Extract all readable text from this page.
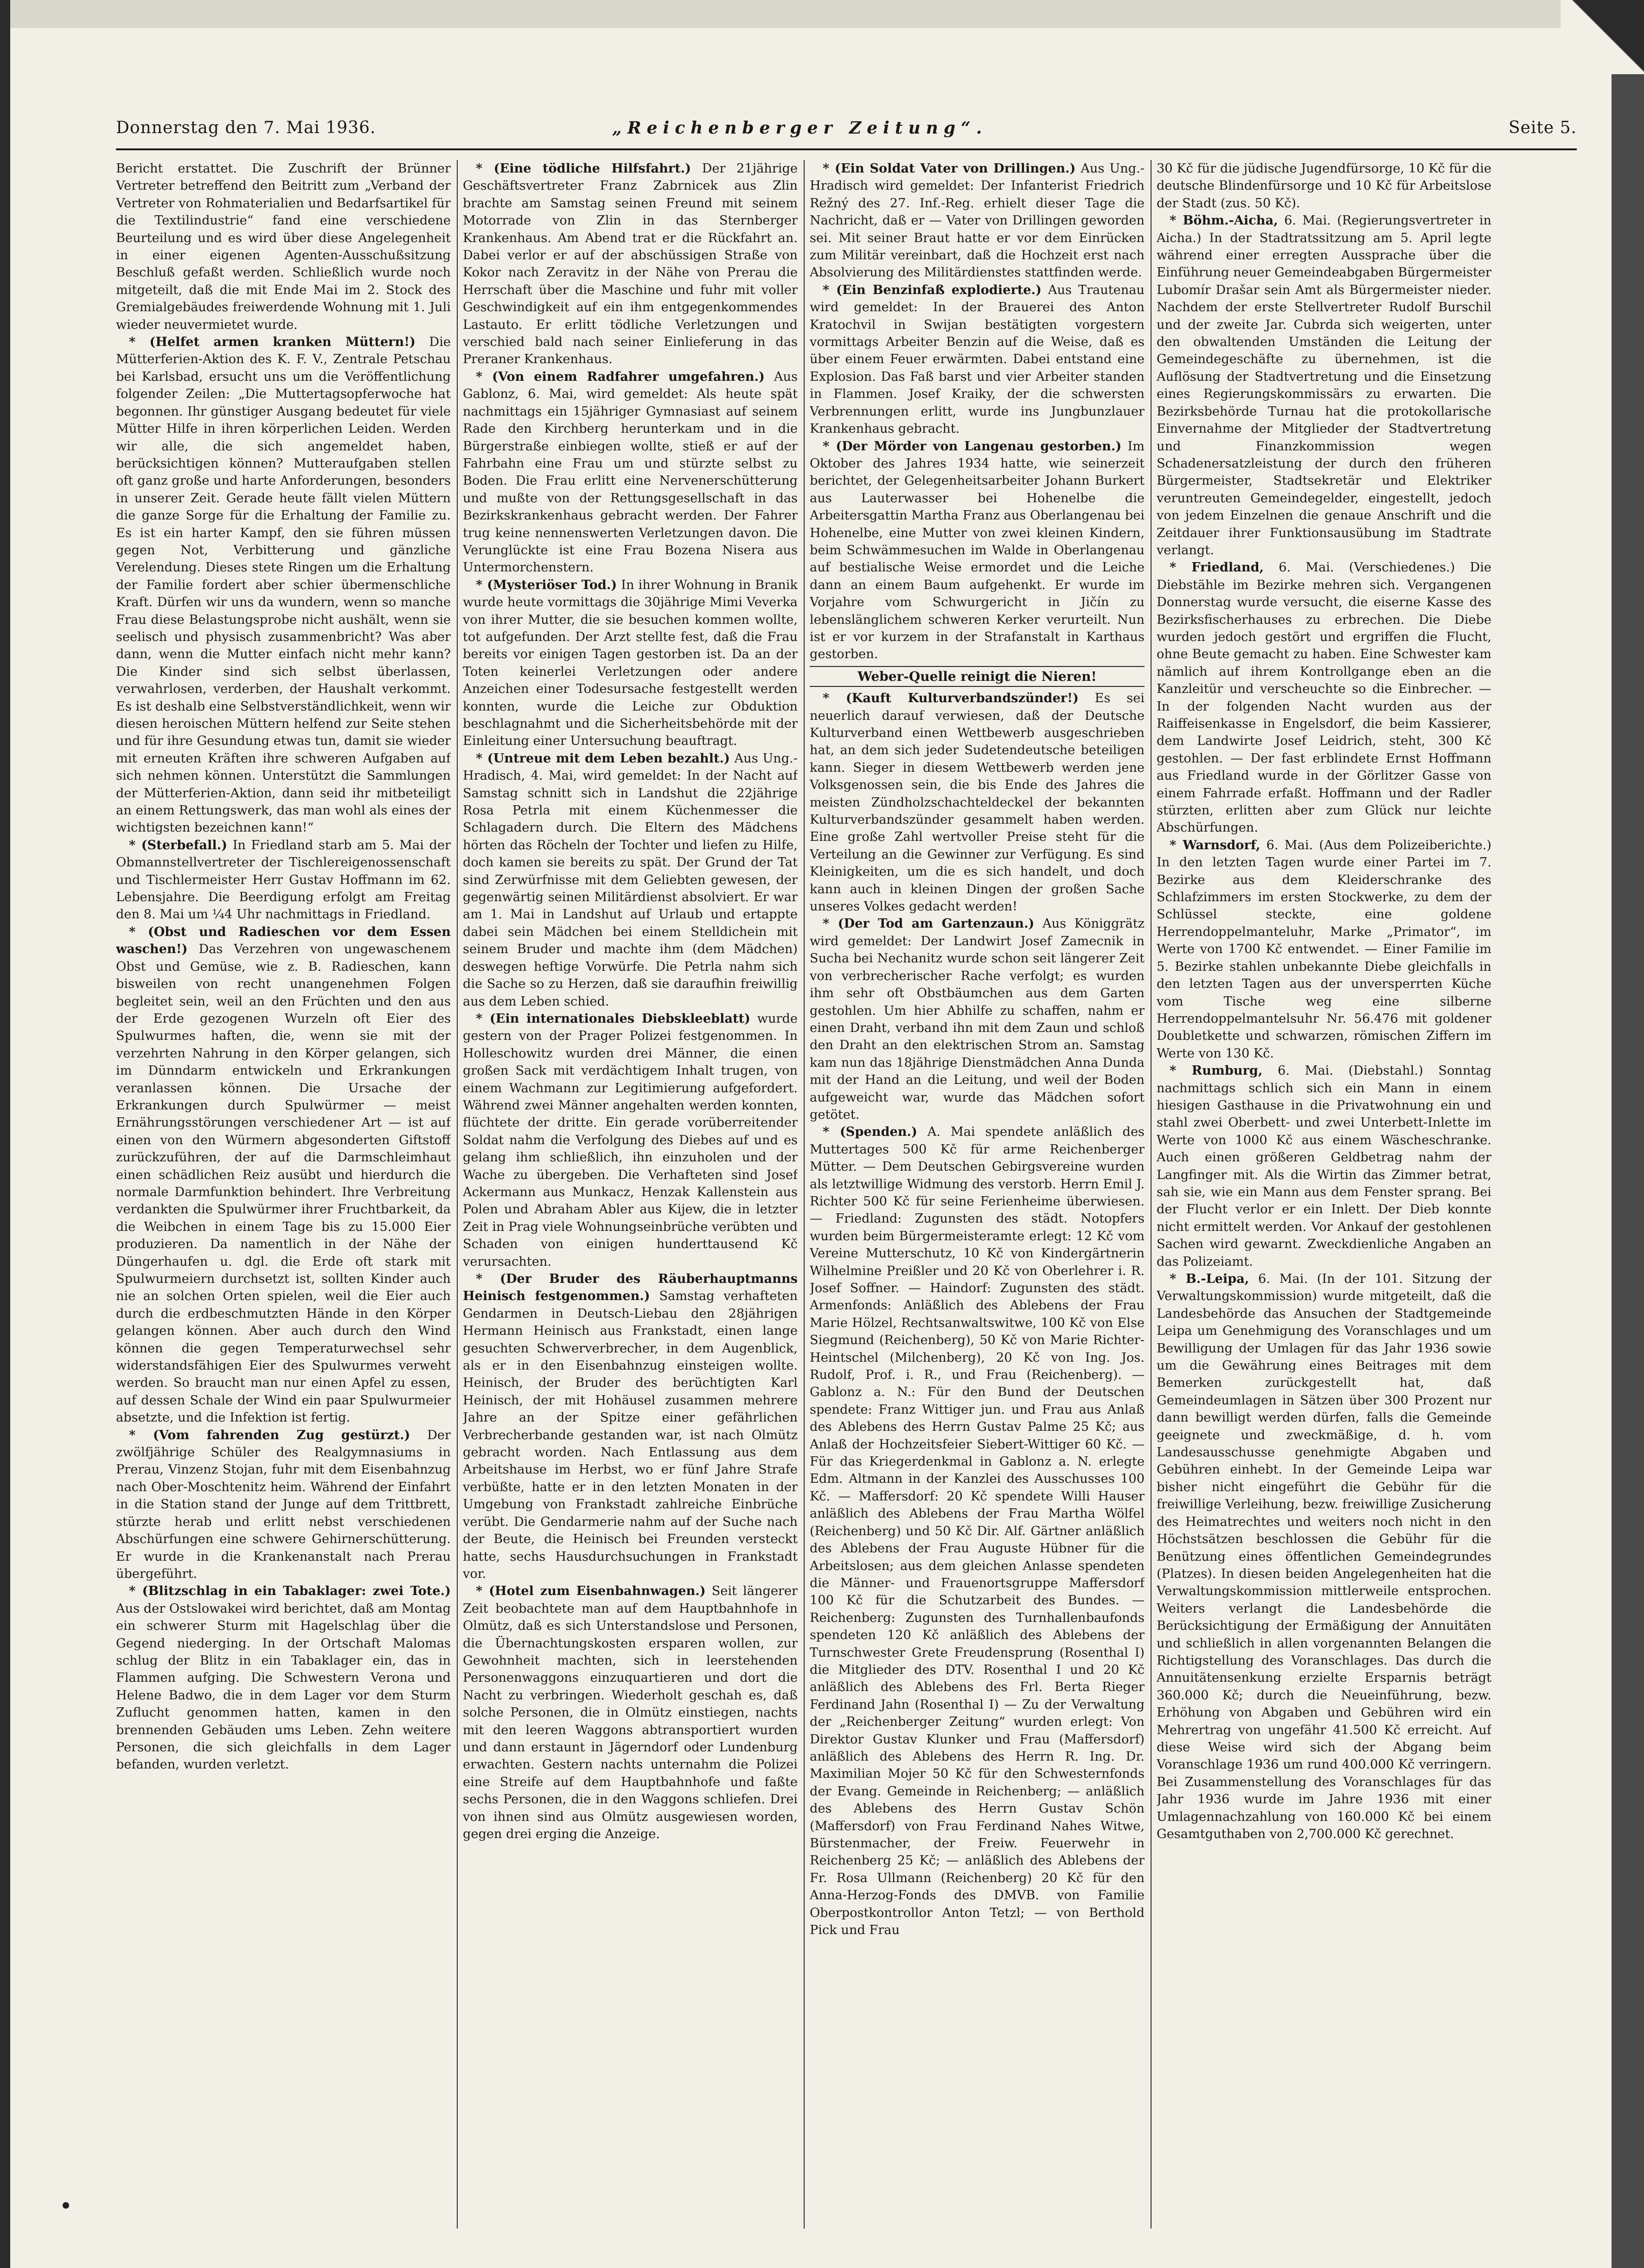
Donnerstag den 7. Mai 1936.	„Reichenberger Zeitung“.	Seite 5.

Bericht erstattet. Die Zuschrift der Brünner Vertreter betreffend den Beitritt zum „Verband der Vertreter von Rohmaterialien und Bedarfsartikel für die Textilindustrie“ fand eine verschiedene Beurteilung und es wird über diese Angelegenheit in einer eigenen Agenten-Ausschußsitzung Beschluß gefaßt werden. Schließlich wurde noch mitgeteilt, daß die mit Ende Mai im 2. Stock des Gremialgebäudes freiwerdende Wohnung mit 1. Juli wieder neuvermietet wurde.

* (Helfet armen kranken Müttern!) Die Mütterferien-Aktion des K. F. V., Zentrale Petschau bei Karlsbad, ersucht uns um die Veröffentlichung folgender Zeilen: „Die Muttertagsopferwoche hat begonnen. Ihr günstiger Ausgang bedeutet für viele Mütter Hilfe in ihren körperlichen Leiden. Werden wir alle, die sich angemeldet haben, berücksichtigen können? Mutteraufgaben stellen oft ganz große und harte Anforderungen, besonders in unserer Zeit. Gerade heute fällt vielen Müttern die ganze Sorge für die Erhaltung der Familie zu. Es ist ein harter Kampf, den sie führen müssen gegen Not, Verbitterung und gänzliche Verelendung. Dieses stete Ringen um die Erhaltung der Familie fordert aber schier übermenschliche Kraft. Dürfen wir uns da wundern, wenn so manche Frau diese Belastungsprobe nicht aushält, wenn sie seelisch und physisch zusammenbricht? Was aber dann, wenn die Mutter einfach nicht mehr kann? Die Kinder sind sich selbst überlassen, verwahrlosen, verderben, der Haushalt verkommt. Es ist deshalb eine Selbstverständlichkeit, wenn wir diesen heroischen Müttern helfend zur Seite stehen und für ihre Gesundung etwas tun, damit sie wieder mit erneuten Kräften ihre schweren Aufgaben auf sich nehmen können. Unterstützt die Sammlungen der Mütterferien-Aktion, dann seid ihr mitbeteiligt an einem Rettungswerk, das man wohl als eines der wichtigsten bezeichnen kann!“

* (Sterbefall.) In Friedland starb am 5. Mai der Obmannstellvertreter der Tischlereigenossenschaft und Tischlermeister Herr Gustav Hoffmann im 62. Lebensjahre. Die Beerdigung erfolgt am Freitag den 8. Mai um ¼4 Uhr nachmittags in Friedland.

* (Obst und Radieschen vor dem Essen waschen!) Das Verzehren von ungewaschenem Obst und Gemüse, wie z. B. Radieschen, kann bisweilen von recht unangenehmen Folgen begleitet sein, weil an den Früchten und den aus der Erde gezogenen Wurzeln oft Eier des Spulwurmes haften, die, wenn sie mit der verzehrten Nahrung in den Körper gelangen, sich im Dünndarm entwickeln und Erkrankungen veranlassen können. Die Ursache der Erkrankungen durch Spulwürmer — meist Ernährungsstörungen verschiedener Art — ist auf einen von den Würmern abgesonderten Giftstoff zurückzuführen, der auf die Darmschleimhaut einen schädlichen Reiz ausübt und hierdurch die normale Darmfunktion behindert. Ihre Verbreitung verdankten die Spulwürmer ihrer Fruchtbarkeit, da die Weibchen in einem Tage bis zu 15.000 Eier produzieren. Da namentlich in der Nähe der Düngerhaufen u. dgl. die Erde oft stark mit Spulwurmeiern durchsetzt ist, sollten Kinder auch nie an solchen Orten spielen, weil die Eier auch durch die erdbeschmutzten Hände in den Körper gelangen können. Aber auch durch den Wind können die gegen Temperaturwechsel sehr widerstandsfähigen Eier des Spulwurmes verweht werden. So braucht man nur einen Apfel zu essen, auf dessen Schale der Wind ein paar Spulwurmeier absetzte, und die Infektion ist fertig.

* (Vom fahrenden Zug gestürzt.) Der zwölfjährige Schüler des Realgymnasiums in Prerau, Vinzenz Stojan, fuhr mit dem Eisenbahnzug nach Ober-Moschtenitz heim. Während der Einfahrt in die Station stand der Junge auf dem Trittbrett, stürzte herab und erlitt nebst verschiedenen Abschürfungen eine schwere Gehirnerschütterung. Er wurde in die Krankenanstalt nach Prerau übergeführt.

* (Blitzschlag in ein Tabaklager: zwei Tote.) Aus der Ostslowakei wird berichtet, daß am Montag ein schwerer Sturm mit Hagelschlag über die Gegend niederging. In der Ortschaft Malomas schlug der Blitz in ein Tabaklager ein, das in Flammen aufging. Die Schwestern Verona und Helene Badwo, die in dem Lager vor dem Sturm Zuflucht genommen hatten, kamen in den brennenden Gebäuden ums Leben. Zehn weitere Personen, die sich gleichfalls in dem Lager befanden, wurden verletzt.

* (Eine tödliche Hilfsfahrt.) Der 21jährige Geschäftsvertreter Franz Zabrnicek aus Zlin brachte am Samstag seinen Freund mit seinem Motorrade von Zlin in das Sternberger Krankenhaus. Am Abend trat er die Rückfahrt an. Dabei verlor er auf der abschüssigen Straße von Kokor nach Zeravitz in der Nähe von Prerau die Herrschaft über die Maschine und fuhr mit voller Geschwindigkeit auf ein ihm entgegenkommendes Lastauto. Er erlitt tödliche Verletzungen und verschied bald nach seiner Einlieferung in das Preraner Krankenhaus.

* (Von einem Radfahrer umgefahren.) Aus Gablonz, 6. Mai, wird gemeldet: Als heute spät nachmittags ein 15jähriger Gymnasiast auf seinem Rade den Kirchberg herunterkam und in die Bürgerstraße einbiegen wollte, stieß er auf der Fahrbahn eine Frau um und stürzte selbst zu Boden. Die Frau erlitt eine Nervenerschütterung und mußte von der Rettungsgesellschaft in das Bezirkskrankenhaus gebracht werden. Der Fahrer trug keine nennenswerten Verletzungen davon. Die Verunglückte ist eine Frau Bozena Nisera aus Untermorchenstern.

* (Mysteriöser Tod.) In ihrer Wohnung in Branik wurde heute vormittags die 30jährige Mimi Veverka von ihrer Mutter, die sie besuchen kommen wollte, tot aufgefunden. Der Arzt stellte fest, daß die Frau bereits vor einigen Tagen gestorben ist. Da an der Toten keinerlei Verletzungen oder andere Anzeichen einer Todesursache festgestellt werden konnten, wurde die Leiche zur Obduktion beschlagnahmt und die Sicherheitsbehörde mit der Einleitung einer Untersuchung beauftragt.

* (Untreue mit dem Leben bezahlt.) Aus Ung.-Hradisch, 4. Mai, wird gemeldet: In der Nacht auf Samstag schnitt sich in Landshut die 22jährige Rosa Petrla mit einem Küchenmesser die Schlagadern durch. Die Eltern des Mädchens hörten das Röcheln der Tochter und liefen zu Hilfe, doch kamen sie bereits zu spät. Der Grund der Tat sind Zerwürfnisse mit dem Geliebten gewesen, der gegenwärtig seinen Militärdienst absolviert. Er war am 1. Mai in Landshut auf Urlaub und ertappte dabei sein Mädchen bei einem Stelldichein mit seinem Bruder und machte ihm (dem Mädchen) deswegen heftige Vorwürfe. Die Petrla nahm sich die Sache so zu Herzen, daß sie daraufhin freiwillig aus dem Leben schied.

* (Ein internationales Diebskleeblatt) wurde gestern von der Prager Polizei festgenommen. In Holleschowitz wurden drei Männer, die einen großen Sack mit verdächtigem Inhalt trugen, von einem Wachmann zur Legitimierung aufgefordert. Während zwei Männer angehalten werden konnten, flüchtete der dritte. Ein gerade vorüberreitender Soldat nahm die Verfolgung des Diebes auf und es gelang ihm schließlich, ihn einzuholen und der Wache zu übergeben. Die Verhafteten sind Josef Ackermann aus Munkacz, Henzak Kallenstein aus Polen und Abraham Abler aus Kijew, die in letzter Zeit in Prag viele Wohnungseinbrüche verübten und Schaden von einigen hunderttausend Kč verursachten.

* (Der Bruder des Räuberhauptmanns Heinisch festgenommen.) Samstag verhafteten Gendarmen in Deutsch-Liebau den 28jährigen Hermann Heinisch aus Frankstadt, einen lange gesuchten Schwerverbrecher, in dem Augenblick, als er in den Eisenbahnzug einsteigen wollte. Heinisch, der Bruder des berüchtigten Karl Heinisch, der mit Hohäusel zusammen mehrere Jahre an der Spitze einer gefährlichen Verbrecherbande gestanden war, ist nach Olmütz gebracht worden. Nach Entlassung aus dem Arbeitshause im Herbst, wo er fünf Jahre Strafe verbüßte, hatte er in den letzten Monaten in der Umgebung von Frankstadt zahlreiche Einbrüche verübt. Die Gendarmerie nahm auf der Suche nach der Beute, die Heinisch bei Freunden versteckt hatte, sechs Hausdurchsuchungen in Frankstadt vor.

* (Hotel zum Eisenbahnwagen.) Seit längerer Zeit beobachtete man auf dem Hauptbahnhofe in Olmütz, daß es sich Unterstandslose und Personen, die Übernachtungskosten ersparen wollen, zur Gewohnheit machten, sich in leerstehenden Personenwaggons einzuquartieren und dort die Nacht zu verbringen. Wiederholt geschah es, daß solche Personen, die in Olmütz einstiegen, nachts mit den leeren Waggons abtransportiert wurden und dann erstaunt in Jägerndorf oder Lundenburg erwachten. Gestern nachts unternahm die Polizei eine Streife auf dem Hauptbahnhofe und faßte sechs Personen, die in den Waggons schliefen. Drei von ihnen sind aus Olmütz ausgewiesen worden, gegen drei erging die Anzeige.

* (Ein Soldat Vater von Drillingen.) Aus Ung.-Hradisch wird gemeldet: Der Infanterist Friedrich Režný des 27. Inf.-Reg. erhielt dieser Tage die Nachricht, daß er — Vater von Drillingen geworden sei. Mit seiner Braut hatte er vor dem Einrücken zum Militär vereinbart, daß die Hochzeit erst nach Absolvierung des Militärdienstes stattfinden werde.

* (Ein Benzinfaß explodierte.) Aus Trautenau wird gemeldet: In der Brauerei des Anton Kratochvil in Swijan bestätigten vorgestern vormittags Arbeiter Benzin auf die Weise, daß es über einem Feuer erwärmten. Dabei entstand eine Explosion. Das Faß barst und vier Arbeiter standen in Flammen. Josef Kraiky, der die schwersten Verbrennungen erlitt, wurde ins Jungbunzlauer Krankenhaus gebracht.

* (Der Mörder von Langenau gestorben.) Im Oktober des Jahres 1934 hatte, wie seinerzeit berichtet, der Gelegenheitsarbeiter Johann Burkert aus Lauterwasser bei Hohenelbe die Arbeitersgattin Martha Franz aus Oberlangenau bei Hohenelbe, eine Mutter von zwei kleinen Kindern, beim Schwämmesuchen im Walde in Oberlangenau auf bestialische Weise ermordet und die Leiche dann an einem Baum aufgehenkt. Er wurde im Vorjahre vom Schwurgericht in Jičín zu lebenslänglichem schweren Kerker verurteilt. Nun ist er vor kurzem in der Strafanstalt in Karthaus gestorben.

Weber-Quelle reinigt die Nieren!

* (Kauft Kulturverbandszünder!) Es sei neuerlich darauf verwiesen, daß der Deutsche Kulturverband einen Wettbewerb ausgeschrieben hat, an dem sich jeder Sudetendeutsche beteiligen kann. Sieger in diesem Wettbewerb werden jene Volksgenossen sein, die bis Ende des Jahres die meisten Zündholzschachteldeckel der bekannten Kulturverbandszünder gesammelt haben werden. Eine große Zahl wertvoller Preise steht für die Verteilung an die Gewinner zur Verfügung. Es sind Kleinigkeiten, um die es sich handelt, und doch kann auch in kleinen Dingen der großen Sache unseres Volkes gedacht werden!

* (Der Tod am Gartenzaun.) Aus Königgrätz wird gemeldet: Der Landwirt Josef Zamecnik in Sucha bei Nechanitz wurde schon seit längerer Zeit von verbrecherischer Rache verfolgt; es wurden ihm sehr oft Obstbäumchen aus dem Garten gestohlen. Um hier Abhilfe zu schaffen, nahm er einen Draht, verband ihn mit dem Zaun und schloß den Draht an den elektrischen Strom an. Samstag kam nun das 18jährige Dienstmädchen Anna Dunda mit der Hand an die Leitung, und weil der Boden aufgeweicht war, wurde das Mädchen sofort getötet.

* (Spenden.) A. Mai spendete anläßlich des Muttertages 500 Kč für arme Reichenberger Mütter. — Dem Deutschen Gebirgsvereine wurden als letztwillige Widmung des verstorb. Herrn Emil J. Richter 500 Kč für seine Ferienheime überwiesen. — Friedland: Zugunsten des städt. Notopfers wurden beim Bürgermeisteramte erlegt: 12 Kč vom Vereine Mutterschutz, 10 Kč von Kindergärtnerin Wilhelmine Preißler und 20 Kč von Oberlehrer i. R. Josef Soffner. — Haindorf: Zugunsten des städt. Armenfonds: Anläßlich des Ablebens der Frau Marie Hölzel, Rechtsanwaltswitwe, 100 Kč von Else Siegmund (Reichenberg), 50 Kč von Marie Richter-Heintschel (Milchenberg), 20 Kč von Ing. Jos. Rudolf, Prof. i. R., und Frau (Reichenberg). — Gablonz a. N.: Für den Bund der Deutschen spendete: Franz Wittiger jun. und Frau aus Anlaß des Ablebens des Herrn Gustav Palme 25 Kč; aus Anlaß der Hochzeitsfeier Siebert-Wittiger 60 Kč. — Für das Kriegerdenkmal in Gablonz a. N. erlegte Edm. Altmann in der Kanzlei des Ausschusses 100 Kč. — Maffersdorf: 20 Kč spendete Willi Hauser anläßlich des Ablebens der Frau Martha Wölfel (Reichenberg) und 50 Kč Dir. Alf. Gärtner anläßlich des Ablebens der Frau Auguste Hübner für die Arbeitslosen; aus dem gleichen Anlasse spendeten die Männer- und Frauenortsgruppe Maffersdorf 100 Kč für die Schutzarbeit des Bundes. — Reichenberg: Zugunsten des Turnhallenbaufonds spendeten 120 Kč anläßlich des Ablebens der Turnschwester Grete Freudensprung (Rosenthal I) die Mitglieder des DTV. Rosenthal I und 20 Kč anläßlich des Ablebens des Frl. Berta Rieger Ferdinand Jahn (Rosenthal I) — Zu der Verwaltung der „Reichenberger Zeitung“ wurden erlegt: Von Direktor Gustav Klunker und Frau (Maffersdorf) anläßlich des Ablebens des Herrn R. Ing. Dr. Maximilian Mojer 50 Kč für den Schwesternfonds der Evang. Gemeinde in Reichenberg; — anläßlich des Ablebens des Herrn Gustav Schön (Maffersdorf) von Frau Ferdinand Nahes Witwe, Bürstenmacher, der Freiw. Feuerwehr in Reichenberg 25 Kč; — anläßlich des Ablebens der Fr. Rosa Ullmann (Reichenberg) 20 Kč für den Anna-Herzog-Fonds des DMVB. von Familie Oberpostkontrollor Anton Tetzl; — von Berthold Pick und Frau

30 Kč für die jüdische Jugendfürsorge, 10 Kč für die deutsche Blindenfürsorge und 10 Kč für Arbeitslose der Stadt (zus. 50 Kč).

* Böhm.-Aicha, 6. Mai. (Regierungsvertreter in Aicha.) In der Stadtratssitzung am 5. April legte während einer erregten Aussprache über die Einführung neuer Gemeindeabgaben Bürgermeister Lubomír Drašar sein Amt als Bürgermeister nieder. Nachdem der erste Stellvertreter Rudolf Burschil und der zweite Jar. Cubrda sich weigerten, unter den obwaltenden Umständen die Leitung der Gemeindegeschäfte zu übernehmen, ist die Auflösung der Stadtvertretung und die Einsetzung eines Regierungskommissärs zu erwarten. Die Bezirksbehörde Turnau hat die protokollarische Einvernahme der Mitglieder der Stadtvertretung und Finanzkommission wegen Schadenersatzleistung der durch den früheren Bürgermeister, Stadtsekretär und Elektriker veruntreuten Gemeindegelder, eingestellt, jedoch von jedem Einzelnen die genaue Anschrift und die Zeitdauer ihrer Funktionsausübung im Stadtrate verlangt.

* Friedland, 6. Mai. (Verschiedenes.) Die Diebstähle im Bezirke mehren sich. Vergangenen Donnerstag wurde versucht, die eiserne Kasse des Bezirksfischerhauses zu erbrechen. Die Diebe wurden jedoch gestört und ergriffen die Flucht, ohne Beute gemacht zu haben. Eine Schwester kam nämlich auf ihrem Kontrollgange eben an die Kanzleitür und verscheuchte so die Einbrecher. — In der folgenden Nacht wurden aus der Raiffeisenkasse in Engelsdorf, die beim Kassierer, dem Landwirte Josef Leidrich, steht, 300 Kč gestohlen. — Der fast erblindete Ernst Hoffmann aus Friedland wurde in der Görlitzer Gasse von einem Fahrrade erfaßt. Hoffmann und der Radler stürzten, erlitten aber zum Glück nur leichte Abschürfungen.

* Warnsdorf, 6. Mai. (Aus dem Polizeiberichte.) In den letzten Tagen wurde einer Partei im 7. Bezirke aus dem Kleiderschranke des Schlafzimmers im ersten Stockwerke, zu dem der Schlüssel steckte, eine goldene Herrendoppelmanteluhr, Marke „Primator“, im Werte von 1700 Kč entwendet. — Einer Familie im 5. Bezirke stahlen unbekannte Diebe gleichfalls in den letzten Tagen aus der unversperrten Küche vom Tische weg eine silberne Herrendoppelmantelsuhr Nr. 56.476 mit goldener Doubletkette und schwarzen, römischen Ziffern im Werte von 130 Kč.

* Rumburg, 6. Mai. (Diebstahl.) Sonntag nachmittags schlich sich ein Mann in einem hiesigen Gasthause in die Privatwohnung ein und stahl zwei Oberbett- und zwei Unterbett-Inlette im Werte von 1000 Kč aus einem Wäscheschranke. Auch einen größeren Geldbetrag nahm der Langfinger mit. Als die Wirtin das Zimmer betrat, sah sie, wie ein Mann aus dem Fenster sprang. Bei der Flucht verlor er ein Inlett. Der Dieb konnte nicht ermittelt werden. Vor Ankauf der gestohlenen Sachen wird gewarnt. Zweckdienliche Angaben an das Polizeiamt.

* B.-Leipa, 6. Mai. (In der 101. Sitzung der Verwaltungskommission) wurde mitgeteilt, daß die Landesbehörde das Ansuchen der Stadtgemeinde Leipa um Genehmigung des Voranschlages und um Bewilligung der Umlagen für das Jahr 1936 sowie um die Gewährung eines Beitrages mit dem Bemerken zurückgestellt hat, daß Gemeindeumlagen in Sätzen über 300 Prozent nur dann bewilligt werden dürfen, falls die Gemeinde geeignete und zweckmäßige, d. h. vom Landesausschusse genehmigte Abgaben und Gebühren einhebt. In der Gemeinde Leipa war bisher nicht eingeführt die Gebühr für die freiwillige Verleihung, bezw. freiwillige Zusicherung des Heimatrechtes und weiters noch nicht in den Höchstsätzen beschlossen die Gebühr für die Benützung eines öffentlichen Gemeindegrundes (Platzes). In diesen beiden Angelegenheiten hat die Verwaltungskommission mittlerweile entsprochen. Weiters verlangt die Landesbehörde die Berücksichtigung der Ermäßigung der Annuitäten und schließlich in allen vorgenannten Belangen die Richtigstellung des Voranschlages. Das durch die Annuitätensenkung erzielte Ersparnis beträgt 360.000 Kč; durch die Neueinführung, bezw. Erhöhung von Abgaben und Gebühren wird ein Mehrertrag von ungefähr 41.500 Kč erreicht. Auf diese Weise wird sich der Abgang beim Voranschlage 1936 um rund 400.000 Kč verringern. Bei Zusammenstellung des Voranschlages für das Jahr 1936 wurde im Jahre 1936 mit einer Umlagennachzahlung von 160.000 Kč bei einem Gesamtguthaben von 2,700.000 Kč gerechnet.
